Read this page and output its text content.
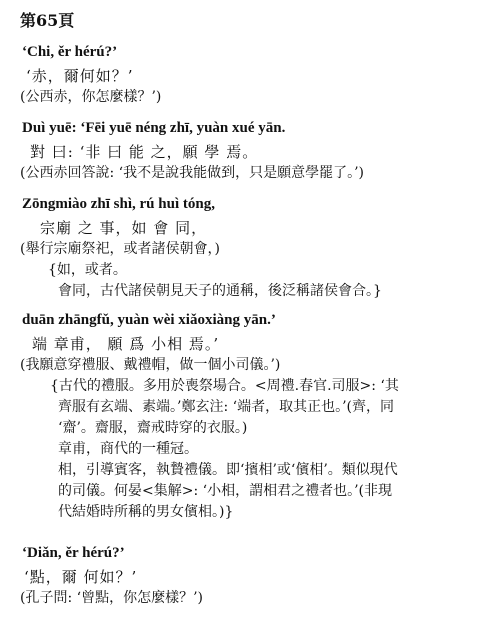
第65頁
‘Chi, ěr hérú?’
‘赤，爾何如？’
(公西赤，你怎麼樣？’)
Duì yuē: ‘Fēi yuē néng zhī, yuàn xué yān.
對 曰: ‘非 曰 能 之，願 學 焉。
(公西赤回答說: ‘我不是說我能做到，只是願意學罷了。’)
Zōngmiào zhī shì, rú huì tóng,
宗廟 之 事，如 會 同，
(舉行宗廟祭祀，或者諸侯朝會，)
{如，或者。
會同，古代諸侯朝見天子的通稱，後泛稱諸侯會合。}
duān zhāngfǔ, yuàn wèi xiǎoxiàng yān.’
端 章甫， 願 爲 小相 焉。’
(我願意穿禮服、戴禮帽，做一個小司儀。’)
{古代的禮服。多用於喪祭場合。<周禮.春官.司服>: ‘其
齊服有玄端、素端。’鄭玄注: ‘端者，取其正也。’(齊，同
‘齋’。齋服，齋戒時穿的衣服。)
章甫，商代的一種冠。
相，引導賓客，執贄禮儀。即‘擯相’或‘儐相’。類似現代
的司儀。何晏<集解>: ‘小相，謂相君之禮者也。’(非現
代結婚時所稱的男女儐相。)}
‘Diǎn, ěr hérú?’
‘點，爾 何如？’
(孔子問: ‘曾點，你怎麼樣？’)
